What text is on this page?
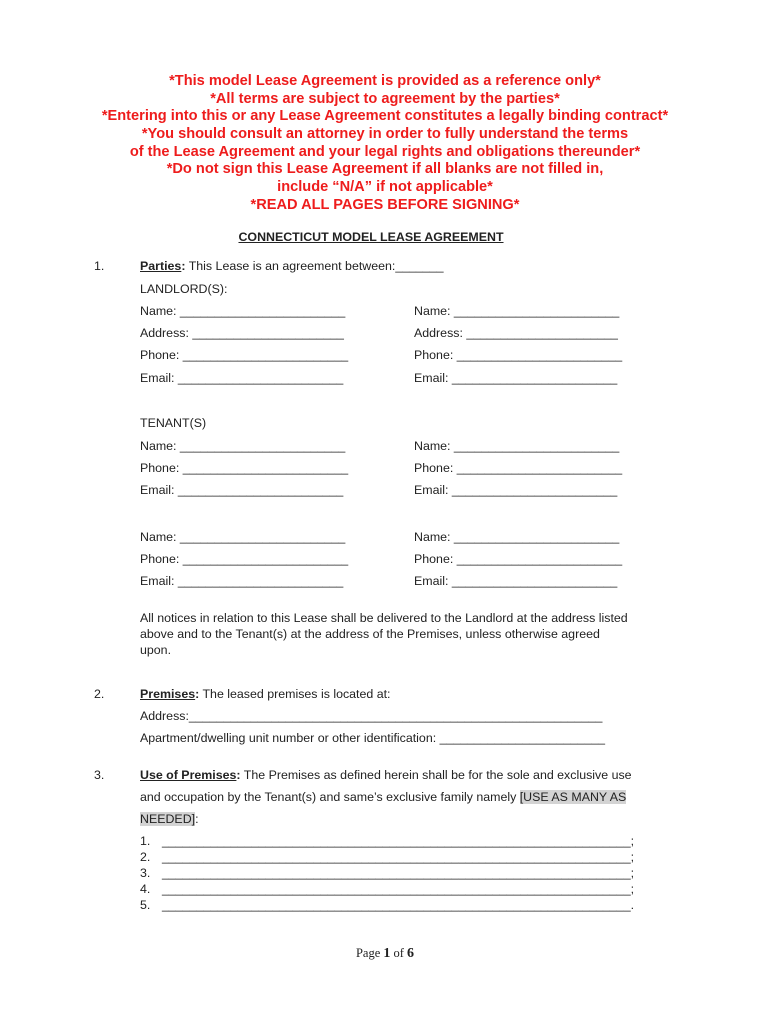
*This model Lease Agreement is provided as a reference only*
*All terms are subject to agreement by the parties*
*Entering into this or any Lease Agreement constitutes a legally binding contract*
*You should consult an attorney in order to fully understand the terms
of the Lease Agreement and your legal rights and obligations thereunder*
*Do not sign this Lease Agreement if all blanks are not filled in,
include “N/A” if not applicable*
*READ ALL PAGES BEFORE SIGNING*
CONNECTICUT MODEL LEASE AGREEMENT
1.	Parties: This Lease is an agreement between:_______
LANDLORD(S):
Name: ________________________
Address: ______________________
Phone: ________________________
Email: ________________________
Name: ________________________
Address: ______________________
Phone: ________________________
Email: ________________________
TENANT(S)
Name: ________________________
Phone: ________________________
Email: ________________________
Name: ________________________
Phone: ________________________
Email: ________________________
Name: ________________________
Phone: ________________________
Email: ________________________
Name: ________________________
Phone: ________________________
Email: ________________________
All notices in relation to this Lease shall be delivered to the Landlord at the address listed
above and to the Tenant(s) at the address of the Premises, unless otherwise agreed
upon.
2.	Premises: The leased premises is located at:
Address:____________________________________________________________
Apartment/dwelling unit number or other identification: ________________________
3.	Use of Premises: The Premises as defined herein shall be for the sole and exclusive use
and occupation by the Tenant(s) and same’s exclusive family namely [USE AS MANY AS
NEEDED]:
1. ____________________________________________________________________;
2. ____________________________________________________________________;
3. ____________________________________________________________________;
4. ____________________________________________________________________;
5. ____________________________________________________________________.
Page 1 of 6
